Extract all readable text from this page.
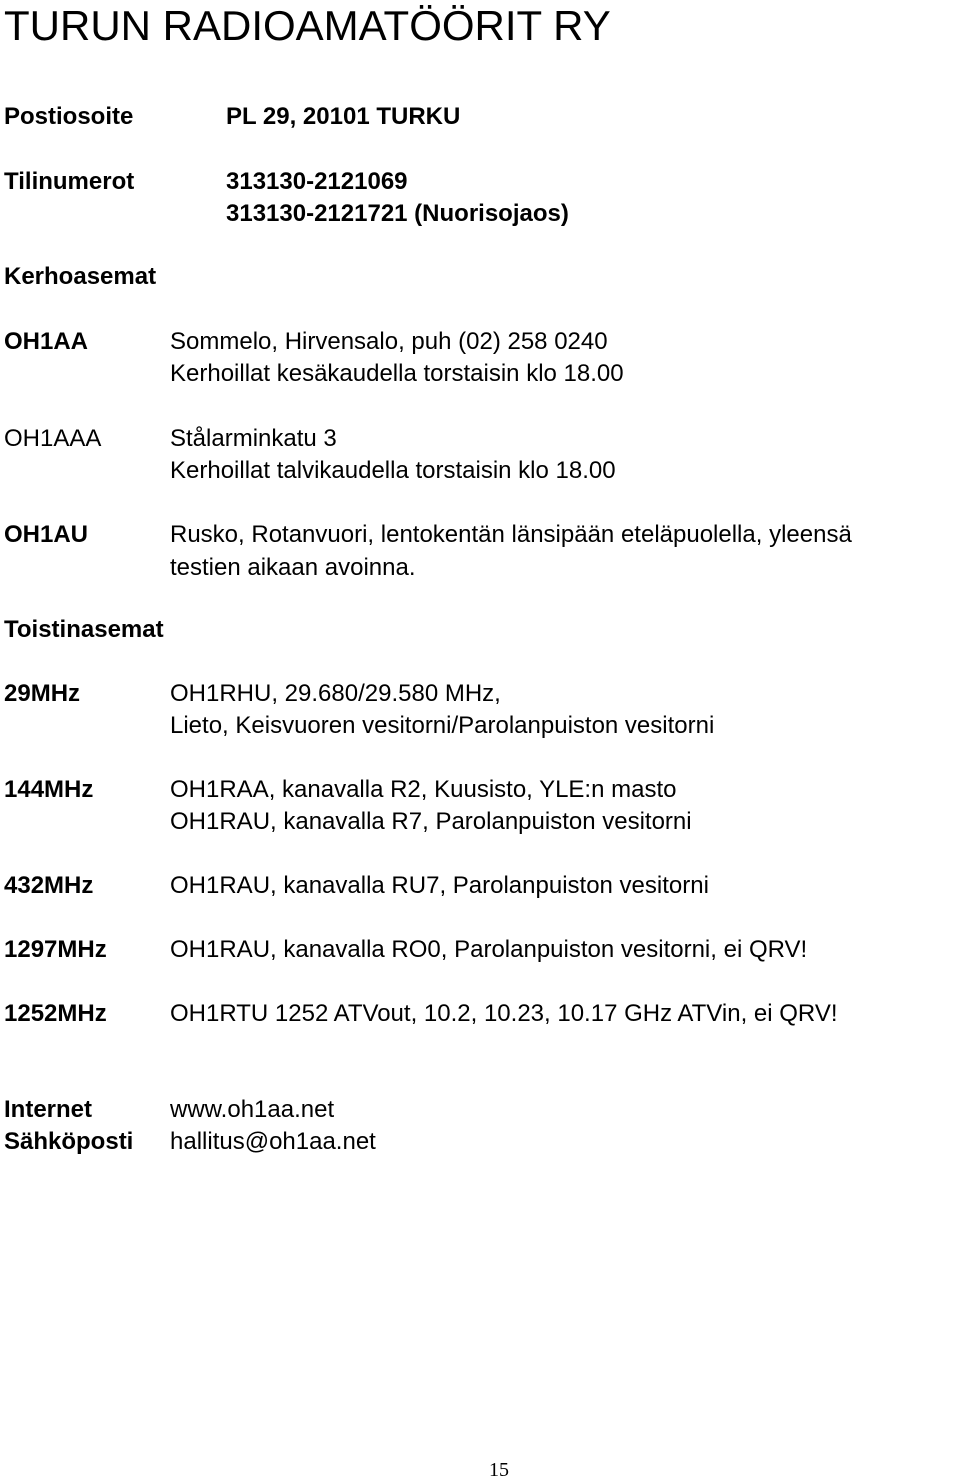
TURUN RADIOAMATÖÖRIT RY
Postiosoite	PL 29, 20101 TURKU
Tilinumerot	313130-2121069
313130-2121721 (Nuorisojaos)
Kerhoasemat
OH1AA	Sommelo, Hirvensalo, puh (02) 258 0240
Kerhoillat kesäkaudella torstaisin klo 18.00
OH1AAA	Stålarminkatu 3
Kerhoillat talvikaudella torstaisin klo 18.00
OH1AU	Rusko, Rotanvuori, lentokentän länsipään eteläpuolella, yleensä
testien aikaan avoinna.
Toistinasemat
29MHz	OH1RHU, 29.680/29.580 MHz,
Lieto, Keisvuoren vesitorni/Parolanpuiston vesitorni
144MHz	OH1RAA, kanavalla R2, Kuusisto, YLE:n masto
OH1RAU, kanavalla R7, Parolanpuiston vesitorni
432MHz	OH1RAU, kanavalla RU7, Parolanpuiston vesitorni
1297MHz	OH1RAU, kanavalla RO0, Parolanpuiston vesitorni, ei QRV!
1252MHz	OH1RTU 1252 ATVout, 10.2, 10.23, 10.17 GHz ATVin, ei QRV!
Internet	www.oh1aa.net
Sähköposti hallitus@oh1aa.net
15
